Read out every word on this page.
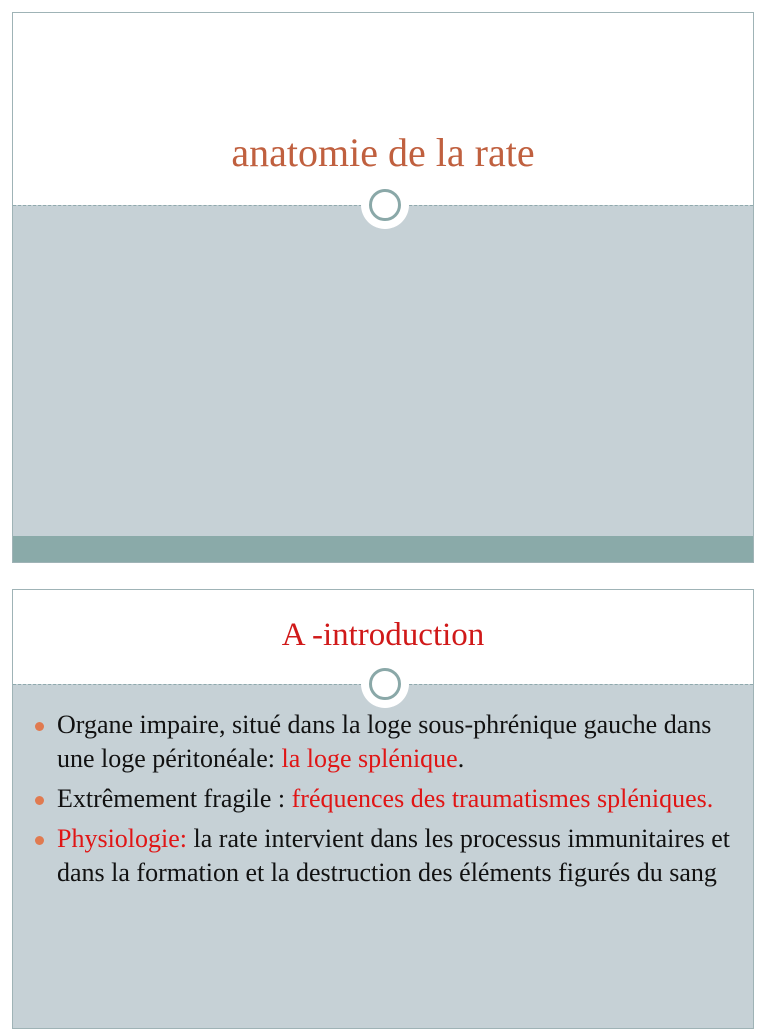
anatomie de la rate
A -introduction
Organe impaire, situé dans la loge sous-phrénique gauche dans une loge péritonéale: la loge splénique.
Extrêmement fragile : fréquences des traumatismes spléniques.
Physiologie: la rate intervient dans les processus immunitaires et dans la formation et la destruction des éléments figurés du sang
